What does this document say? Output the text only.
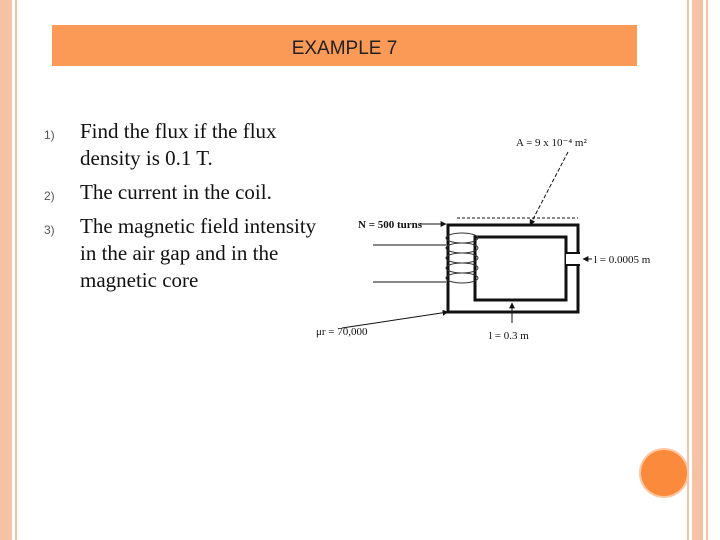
EXAMPLE 7
1) Find the flux if the flux density is 0.1 T.
2) The current in the coil.
3) The magnetic field intensity in the air gap and in the magnetic core
A = 9 x 10⁻⁴ m²
N = 500 turns
l = 0.0005 m
μr = 70,000	l = 0.3 m
